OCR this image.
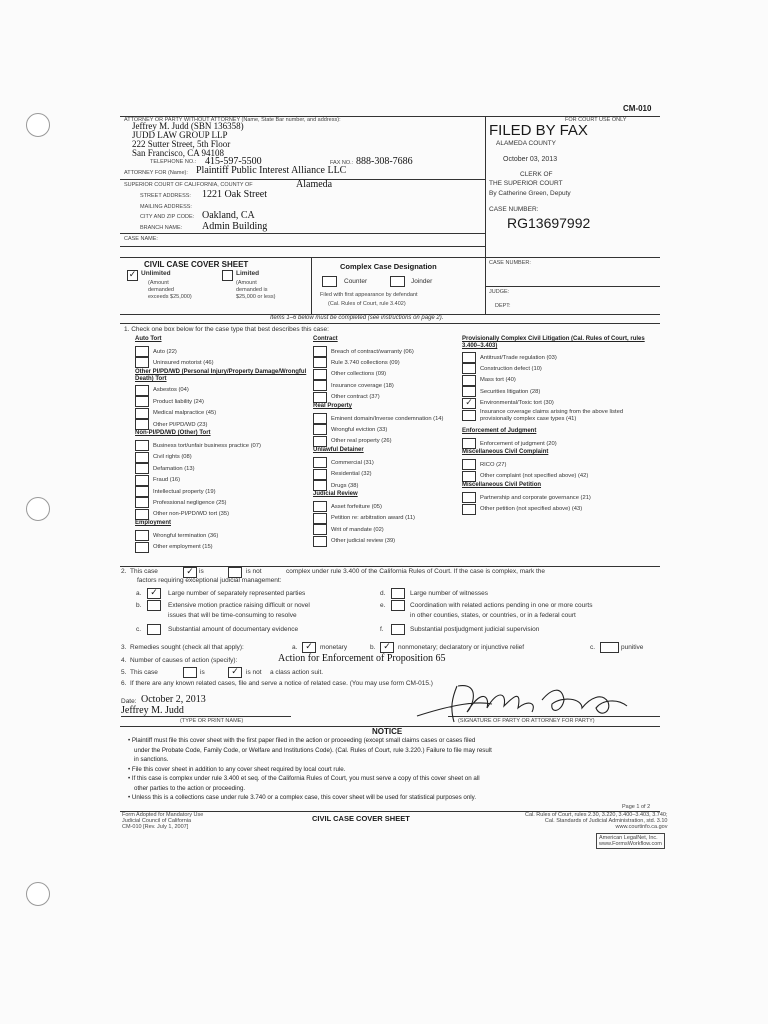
CM-010
ATTORNEY OR PARTY WITHOUT ATTORNEY (Name, State Bar number, and address):
Jeffrey M. Judd (SBN 136358)
JUDD LAW GROUP LLP
222 Sutter Street, 5th Floor
San Francisco, CA 94108
TELEPHONE NO.: 415-597-5500	FAX NO.: 888-308-7686
ATTORNEY FOR (Name): Plaintiff Public Interest Alliance LLC
SUPERIOR COURT OF CALIFORNIA, COUNTY OF	Alameda
STREET ADDRESS: 1221 Oak Street
MAILING ADDRESS:
CITY AND ZIP CODE: Oakland, CA
BRANCH NAME: Admin Building
CASE NAME:
FOR COURT USE ONLY
FILED BY FAX
ALAMEDA COUNTY
October 03, 2013
CLERK OF
THE SUPERIOR COURT
By Catherine Green, Deputy
CASE NUMBER:
RG13697992
CIVIL CASE COVER SHEET
✓ Unlimited
(Amount
demanded
exceeds $25,000)
Limited
(Amount
demanded is
$25,000 or less)
Complex Case Designation
Counter	Joinder
Filed with first appearance by defendant
(Cal. Rules of Court, rule 3.402)
CASE NUMBER:
JUDGE:
DEPT:
Items 1–6 below must be completed (see instructions on page 2).
1. Check one box below for the case type that best describes this case:
Auto Tort
Auto (22)
Uninsured motorist (46)
Other PI/PD/WD (Personal Injury/Property Damage/Wrongful Death) Tort
Asbestos (04)
Product liability (24)
Medical malpractice (45)
Other PI/PD/WD (23)
Non-PI/PD/WD (Other) Tort
Business tort/unfair business practice (07)
Civil rights (08)
Defamation (13)
Fraud (16)
Intellectual property (19)
Professional negligence (25)
Other non-PI/PD/WD tort (35)
Employment
Wrongful termination (36)
Other employment (15)
Contract
Breach of contract/warranty (06)
Rule 3.740 collections (09)
Other collections (09)
Insurance coverage (18)
Other contract (37)
Real Property
Eminent domain/Inverse condemnation (14)
Wrongful eviction (33)
Other real property (26)
Unlawful Detainer
Commercial (31)
Residential (32)
Drugs (38)
Judicial Review
Asset forfeiture (05)
Petition re: arbitration award (11)
Writ of mandate (02)
Other judicial review (39)
Provisionally Complex Civil Litigation (Cal. Rules of Court, rules 3.400–3.403)
Antitrust/Trade regulation (03)
Construction defect (10)
Mass tort (40)
Securities litigation (28)
✓	Environmental/Toxic tort (30)
Insurance coverage claims arising from the above listed provisionally complex case types (41)
Enforcement of Judgment
Enforcement of judgment (20)
Miscellaneous Civil Complaint
RICO (27)
Other complaint (not specified above) (42)
Miscellaneous Civil Petition
Partnership and corporate governance (21)
Other petition (not specified above) (43)
2.  This case	✓ is	is not	complex under rule 3.400 of the California Rules of Court. If the case is complex, mark the
factors requiring exceptional judicial management:
a. ✓	Large number of separately represented parties
b.	Extensive motion practice raising difficult or novel
issues that will be time-consuming to resolve
c.	Substantial amount of documentary evidence
d.	Large number of witnesses
e.	Coordination with related actions pending in one or more courts
in other counties, states, or countries, or in a federal court
f.	Substantial postjudgment judicial supervision
3.  Remedies sought (check all that apply):	a. ✓	monetary	b. ✓	nonmonetary; declaratory or injunctive relief	c.	punitive
4.  Number of causes of action (specify):	Action for Enforcement of Proposition 65
5.  This case	is	✓	is not a class action suit.
6.  If there are any known related cases, file and serve a notice of related case. (You may use form CM-015.)
Date: October 2, 2013
Jeffrey M. Judd
(TYPE OR PRINT NAME)	(SIGNATURE OF PARTY OR ATTORNEY FOR PARTY)
NOTICE
• Plaintiff must file this cover sheet with the first paper filed in the action or proceeding (except small claims cases or cases filed
under the Probate Code, Family Code, or Welfare and Institutions Code). (Cal. Rules of Court, rule 3.220.) Failure to file may result
in sanctions.
• File this cover sheet in addition to any cover sheet required by local court rule.
• If this case is complex under rule 3.400 et seq. of the California Rules of Court, you must serve a copy of this cover sheet on all
other parties to the action or proceeding.
• Unless this is a collections case under rule 3.740 or a complex case, this cover sheet will be used for statistical purposes only.
Page 1 of 2
Form Adopted for Mandatory Use
Judicial Council of California
CM-010 [Rev. July 1, 2007]
CIVIL CASE COVER SHEET	Cal. Rules of Court, rules 2.30, 3.220, 3.400–3.403, 3.740;
Cal. Standards of Judicial Administration, std. 3.10
www.courtinfo.ca.gov
American LegalNet, Inc.
www.FormsWorkflow.com
